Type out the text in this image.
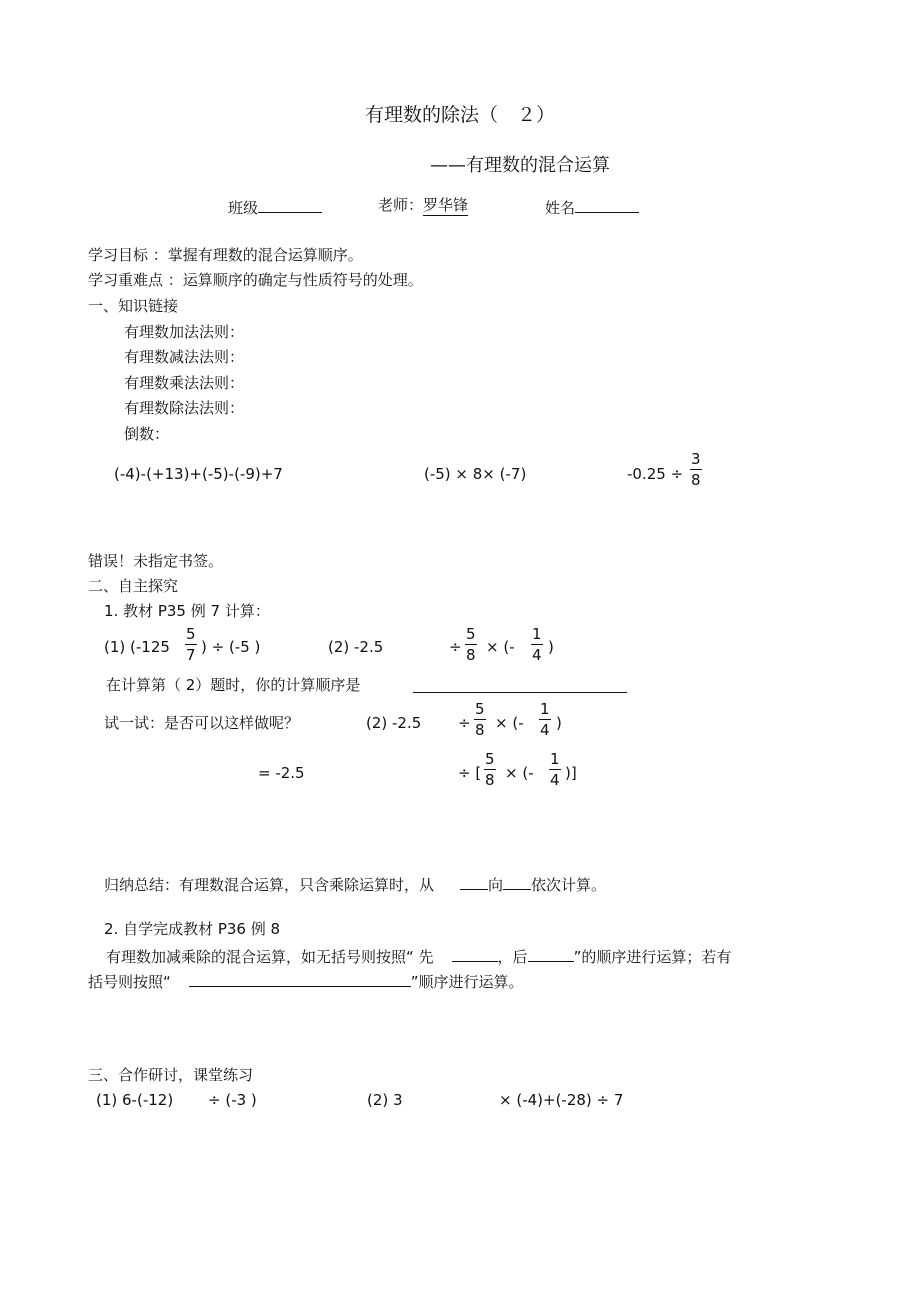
有理数的除法（　２）
——有理数的混合运算
班级	老师：罗华锋	姓名
学习目标 ：掌握有理数的混合运算顺序。
学习重难点 ：运算顺序的确定与性质符号的处理。
一、知识链接
有理数加法法则：
有理数减法法则：
有理数乘法法则：
有理数除法法则：
倒数：
(-4)-(+13)+(-5)-(-9)+7	(-5) × 8× (-7)	$-0.25 \div \frac{3}{8}$
错误！未指定书签。
二、自主探究
1. 教材 P35 例 7 计算：
(1) ($-125 \frac{5}{7}$ ) ÷ (-5 )	(2) -2.5	÷ $\frac{5}{8}$ × (- $\frac{1}{4}$ )
在计算第（ 2）题时，你的计算顺序是
试一试：是否可以这样做呢？	(2) $-2.5 \div \frac{5}{8}$ × (- $\frac{1}{4}$ )
= -2.5	÷ [ $\frac{5}{8}$ × (- $\frac{1}{4}$ )]
归纳总结：有理数混合运算，只含乘除运算时，从	向 依次计算。
2. 自学完成教材 P36 例 8
有理数加减乘除的混合运算，如无括号则按照“ 先	，后	”的顺序进行运算；若有
括号则按照“	”顺序进行运算。
三、合作研讨，课堂练习
(1) 6-(-12) ÷ (-3 )	(2) 3	× (-4)+(-28) ÷ 7
